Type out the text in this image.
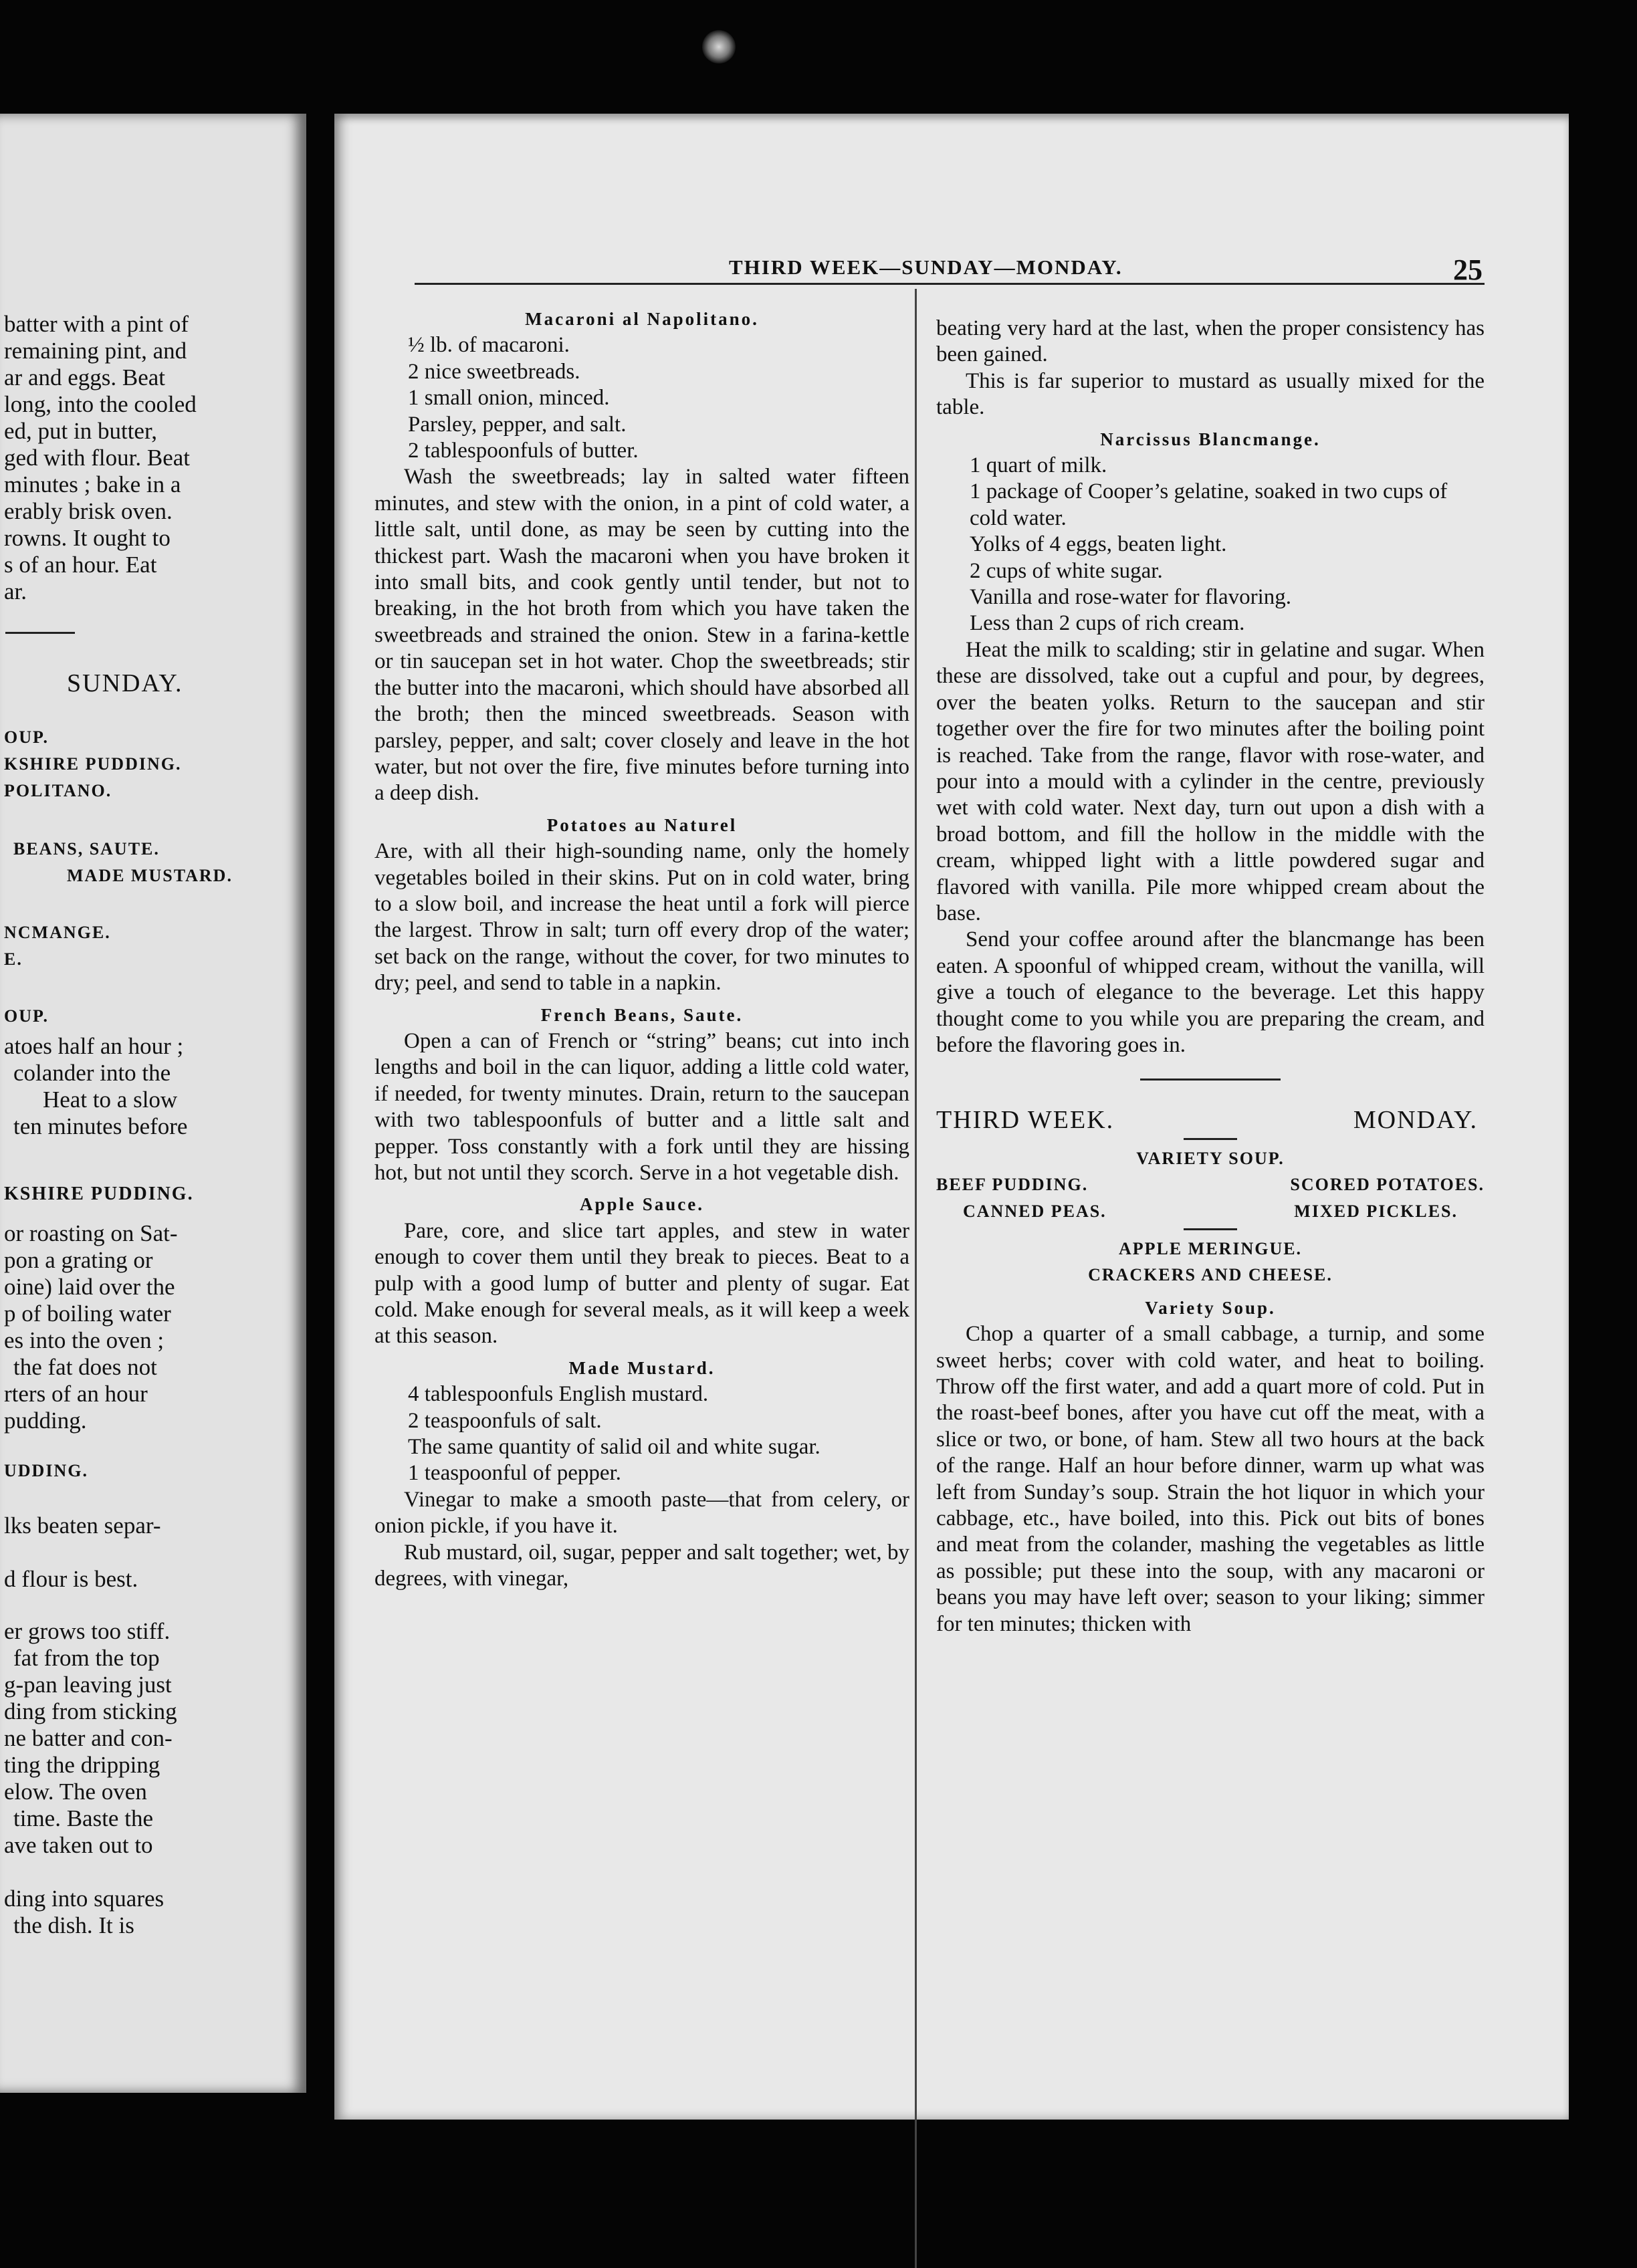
batter with a pint of
remaining pint, and
ar and eggs. Beat
long, into the cooled
ed, put in butter,
ged with flour. Beat
minutes ; bake in a
erably brisk oven.
rowns. It ought to
s of an hour. Eat
ar.
SUNDAY.
OUP.
KSHIRE PUDDING.
POLITANO.
BEANS, SAUTE.
MADE MUSTARD.
NCMANGE.
E.
OUP.
atoes half an hour ;
colander into the
Heat to a slow
ten minutes before
KSHIRE PUDDING.
or roasting on Sat-
pon a grating or
oine) laid over the
p of boiling water
es into the oven ;
the fat does not
rters of an hour
pudding.
UDDING.
lks beaten separ-
d flour is best.
er grows too stiff.
fat from the top
g-pan leaving just
ding from sticking
ne batter and con-
ting the dripping
elow. The oven
time. Baste the
ave taken out to
ding into squares
the dish. It is
THIRD WEEK—SUNDAY—MONDAY.	25

Macaroni al Napolitano.

½ lb. of macaroni.

2 nice sweetbreads.

1 small onion, minced.

Parsley, pepper, and salt.

2 tablespoonfuls of butter.

Wash the sweetbreads; lay in salted water fifteen minutes, and stew with the onion, in a pint of cold water, a little salt, until done, as may be seen by cutting into the thickest part. Wash the macaroni when you have broken it into small bits, and cook gently until tender, but not to breaking, in the hot broth from which you have taken the sweetbreads and strained the onion. Stew in a farina-kettle or tin saucepan set in hot water. Chop the sweetbreads; stir the butter into the macaroni, which should have absorbed all the broth; then the minced sweetbreads. Season with parsley, pepper, and salt; cover closely and leave in the hot water, but not over the fire, five minutes before turning into a deep dish.

Potatoes au Naturel

Are, with all their high-sounding name, only the homely vegetables boiled in their skins. Put on in cold water, bring to a slow boil, and increase the heat until a fork will pierce the largest. Throw in salt; turn off every drop of the water; set back on the range, without the cover, for two minutes to dry; peel, and send to table in a napkin.

French Beans, Saute.

Open a can of French or “string” beans; cut into inch lengths and boil in the can liquor, adding a little cold water, if needed, for twenty minutes. Drain, return to the saucepan with two tablespoonfuls of butter and a little salt and pepper. Toss constantly with a fork until they are hissing hot, but not until they scorch. Serve in a hot vegetable dish.

Apple Sauce.

Pare, core, and slice tart apples, and stew in water enough to cover them until they break to pieces. Beat to a pulp with a good lump of butter and plenty of sugar. Eat cold. Make enough for several meals, as it will keep a week at this season.

Made Mustard.

4 tablespoonfuls English mustard.

2 teaspoonfuls of salt.

The same quantity of salid oil and white sugar.

1 teaspoonful of pepper.

Vinegar to make a smooth paste—that from celery, or onion pickle, if you have it.

Rub mustard, oil, sugar, pepper and salt together; wet, by degrees, with vinegar,

beating very hard at the last, when the proper consistency has been gained.

This is far superior to mustard as usually mixed for the table.

Narcissus Blancmange.

1 quart of milk.

1 package of Cooper’s gelatine, soaked in two cups of cold water.

Yolks of 4 eggs, beaten light.

2 cups of white sugar.

Vanilla and rose-water for flavoring.

Less than 2 cups of rich cream.

Heat the milk to scalding; stir in gelatine and sugar. When these are dissolved, take out a cupful and pour, by degrees, over the beaten yolks. Return to the saucepan and stir together over the fire for two minutes after the boiling point is reached. Take from the range, flavor with rose-water, and pour into a mould with a cylinder in the centre, previously wet with cold water. Next day, turn out upon a dish with a broad bottom, and fill the hollow in the middle with the cream, whipped light with a little powdered sugar and flavored with vanilla. Pile more whipped cream about the base.

Send your coffee around after the blancmange has been eaten. A spoonful of whipped cream, without the vanilla, will give a touch of elegance to the beverage. Let this happy thought come to you while you are preparing the cream, and before the flavoring goes in.

THIRD WEEK.	MONDAY.

VARIETY SOUP.

BEEF PUDDING.	SCORED POTATOES.
CANNED PEAS.	MIXED PICKLES.

APPLE MERINGUE.

CRACKERS AND CHEESE.

Variety Soup.

Chop a quarter of a small cabbage, a turnip, and some sweet herbs; cover with cold water, and heat to boiling. Throw off the first water, and add a quart more of cold. Put in the roast-beef bones, after you have cut off the meat, with a slice or two, or bone, of ham. Stew all two hours at the back of the range. Half an hour before dinner, warm up what was left from Sunday’s soup. Strain the hot liquor in which your cabbage, etc., have boiled, into this. Pick out bits of bones and meat from the colander, mashing the vegetables as little as possible; put these into the soup, with any macaroni or beans you may have left over; season to your liking; simmer for ten minutes; thicken with
